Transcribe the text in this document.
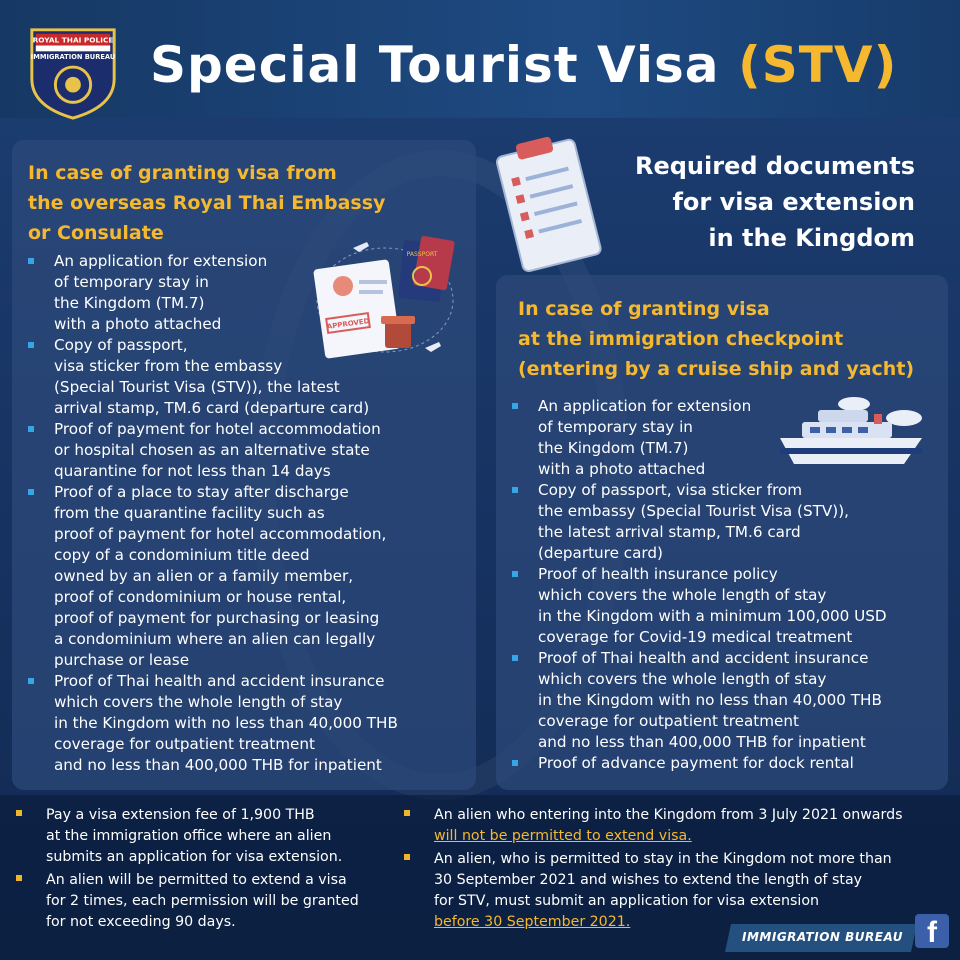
ROYAL THAI POLICE
IMMIGRATION BUREAU Special Tourist Visa (STV)
Required documents
for visa extension
in the Kingdom
In case of granting visa from
the overseas Royal Thai Embassy
or Consulate
APPROVED
PASSPORT
An application for extension
of temporary stay in
the Kingdom (TM.7)
with a photo attached
Copy of passport,
visa sticker from the embassy
(Special Tourist Visa (STV)), the latest
arrival stamp, TM.6 card (departure card)
Proof of payment for hotel accommodation
or hospital chosen as an alternative state
quarantine for not less than 14 days
Proof of a place to stay after discharge
from the quarantine facility such as
proof of payment for hotel accommodation,
copy of a condominium title deed
owned by an alien or a family member,
proof of condominium or house rental,
proof of payment for purchasing or leasing
a condominium where an alien can legally
purchase or lease
Proof of Thai health and accident insurance
which covers the whole length of stay
in the Kingdom with no less than 40,000 THB
coverage for outpatient treatment
and no less than 400,000 THB for inpatient
In case of granting visa
at the immigration checkpoint
(entering by a cruise ship and yacht)
An application for extension
of temporary stay in
the Kingdom (TM.7)
with a photo attached
Copy of passport, visa sticker from
the embassy (Special Tourist Visa (STV)),
the latest arrival stamp, TM.6 card
(departure card)
Proof of health insurance policy
which covers the whole length of stay
in the Kingdom with a minimum 100,000 USD
coverage for Covid-19 medical treatment
Proof of Thai health and accident insurance
which covers the whole length of stay
in the Kingdom with no less than 40,000 THB
coverage for outpatient treatment
and no less than 400,000 THB for inpatient
Proof of advance payment for dock rental
Pay a visa extension fee of 1,900 THB
at the immigration office where an alien
submits an application for visa extension.
An alien will be permitted to extend a visa
for 2 times, each permission will be granted
for not exceeding 90 days.
An alien who entering into the Kingdom from 3 July 2021 onwards
will not be permitted to extend visa.
An alien, who is permitted to stay in the Kingdom not more than
30 September 2021 and wishes to extend the length of stay
for STV, must submit an application for visa extension
before 30 September 2021.
IMMIGRATION BUREAU f
